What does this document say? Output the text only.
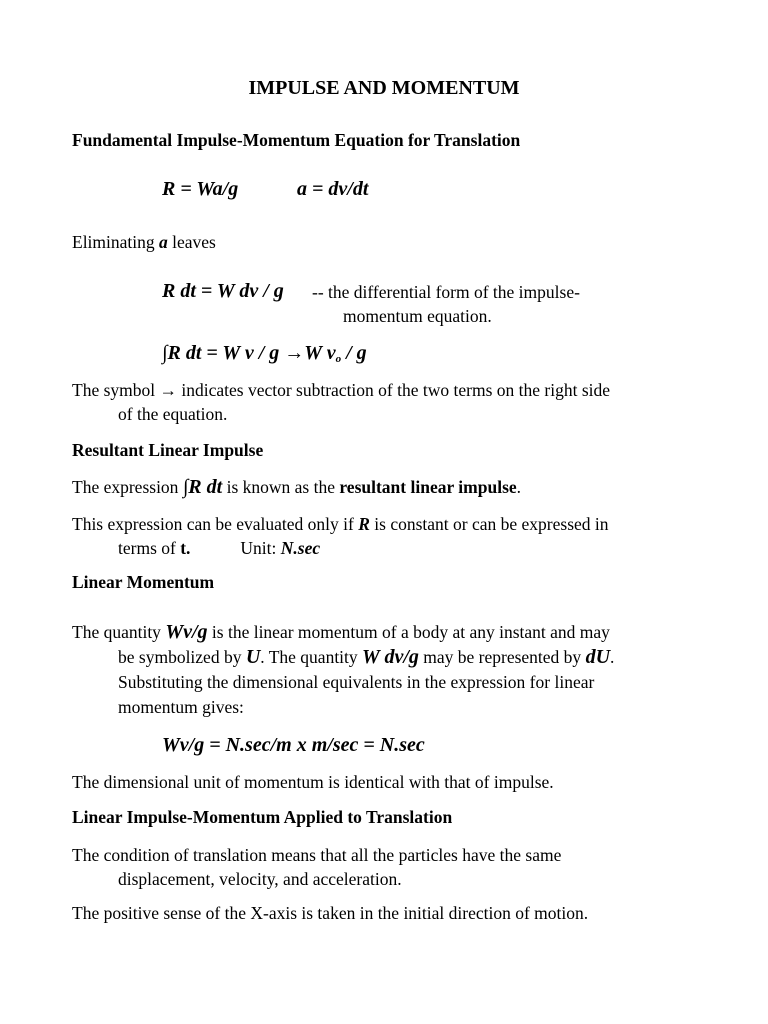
IMPULSE AND MOMENTUM
Fundamental Impulse-Momentum Equation for Translation
R = Wa/g	a = dv/dt
Eliminating a leaves
R dt = W dv / g -- the differential form of the impulse-
momentum equation.
∫R dt = W v / g →W $v_o$ / g
The symbol → indicates vector subtraction of the two terms on the right side
of the equation.
Resultant Linear Impulse
The expression ∫R dt is known as the resultant linear impulse.
This expression can be evaluated only if R is constant or can be expressed in
terms of t.	Unit: N.sec
Linear Momentum
The quantity Wv/g is the linear momentum of a body at any instant and may
be symbolized by U. The quantity W dv/g may be represented by dU.
Substituting the dimensional equivalents in the expression for linear
momentum gives:
Wv/g = N.sec/m x m/sec = N.sec
The dimensional unit of momentum is identical with that of impulse.
Linear Impulse-Momentum Applied to Translation
The condition of translation means that all the particles have the same
displacement, velocity, and acceleration.
The positive sense of the X-axis is taken in the initial direction of motion.
